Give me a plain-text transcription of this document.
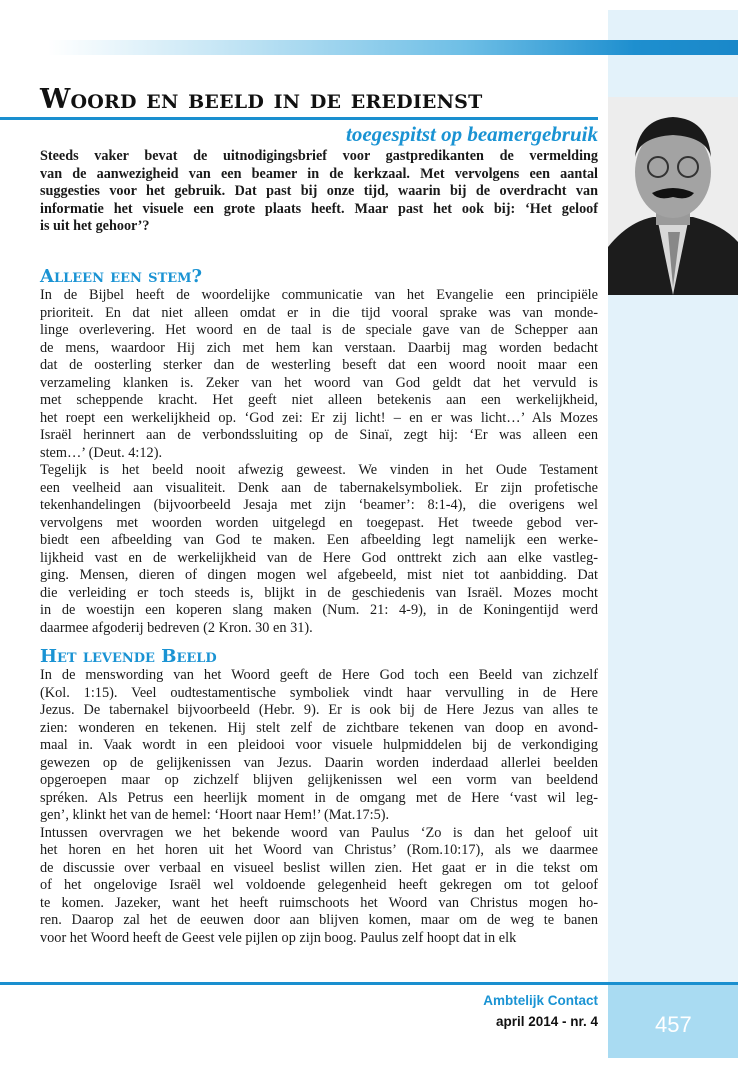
Woord en beeld in de eredienst
toegespitst op beamergebruik
Steeds vaker bevat de uitnodigingsbrief voor gastpredikanten de vermelding
van de aanwezigheid van een beamer in de kerkzaal. Met vervolgens een aantal
suggesties voor het gebruik. Dat past bij onze tijd, waarin bij de overdracht van
informatie het visuele een grote plaats heeft. Maar past het ook bij: ‘Het geloof
is uit het gehoor’?
Alleen een stem?
In de Bijbel heeft de woordelijke communicatie van het Evangelie een principiële
prioriteit. En dat niet alleen omdat er in die tijd vooral sprake was van monde-
linge overlevering. Het woord en de taal is de speciale gave van de Schepper aan
de mens, waardoor Hij zich met hem kan verstaan. Daarbij mag worden bedacht
dat de oosterling sterker dan de westerling beseft dat een woord nooit maar een
verzameling klanken is. Zeker van het woord van God geldt dat het vervuld is
met scheppende kracht. Het geeft niet alleen betekenis aan een werkelijkheid,
het roept een werkelijkheid op. ‘God zei: Er zij licht! – en er was licht…’ Als Mozes
Israël herinnert aan de verbondssluiting op de Sinaï, zegt hij: ‘Er was alleen een
stem…’ (Deut. 4:12).
Tegelijk is het beeld nooit afwezig geweest. We vinden in het Oude Testament
een veelheid aan visualiteit. Denk aan de tabernakelsymboliek. Er zijn profetische
tekenhandelingen (bijvoorbeeld Jesaja met zijn ‘beamer’: 8:1-4), die overigens wel
vervolgens met woorden worden uitgelegd en toegepast. Het tweede gebod ver-
biedt een afbeelding van God te maken. Een afbeelding legt namelijk een werke-
lijkheid vast en de werkelijkheid van de Here God onttrekt zich aan elke vastleg-
ging. Mensen, dieren of dingen mogen wel afgebeeld, mist niet tot aanbidding. Dat
die verleiding er toch steeds is, blijkt in de geschiedenis van Israël. Mozes mocht
in de woestijn een koperen slang maken (Num. 21: 4-9), in de Koningentijd werd
daarmee afgoderij bedreven (2 Kron. 30 en 31).
Het levende Beeld
In de menswording van het Woord geeft de Here God toch een Beeld van zichzelf
(Kol. 1:15). Veel oudtestamentische symboliek vindt haar vervulling in de Here
Jezus. De tabernakel bijvoorbeeld (Hebr. 9). Er is ook bij de Here Jezus van alles te
zien: wonderen en tekenen. Hij stelt zelf de zichtbare tekenen van doop en avond-
maal in. Vaak wordt in een pleidooi voor visuele hulpmiddelen bij de verkondiging
gewezen op de gelijkenissen van Jezus. Daarin worden inderdaad allerlei beelden
opgeroepen maar op zichzelf blijven gelijkenissen wel een vorm van beeldend
spréken. Als Petrus een heerlijk moment in de omgang met de Here ‘vast wil leg-
gen’, klinkt het van de hemel: ‘Hoort naar Hem!’ (Mat.17:5).
Intussen overvragen we het bekende woord van Paulus ‘Zo is dan het geloof uit
het horen en het horen uit het Woord van Christus’ (Rom.10:17), als we daarmee
de discussie over verbaal en visueel beslist willen zien. Het gaat er in die tekst om
of het ongelovige Israël wel voldoende gelegenheid heeft gekregen om tot geloof
te komen. Jazeker, want het heeft ruimschoots het Woord van Christus mogen ho-
ren. Daarop zal het de eeuwen door aan blijven komen, maar om de weg te banen
voor het Woord heeft de Geest vele pijlen op zijn boog. Paulus zelf hoopt dat in elk
Ambtelijk Contact
april 2014 - nr. 4	457
